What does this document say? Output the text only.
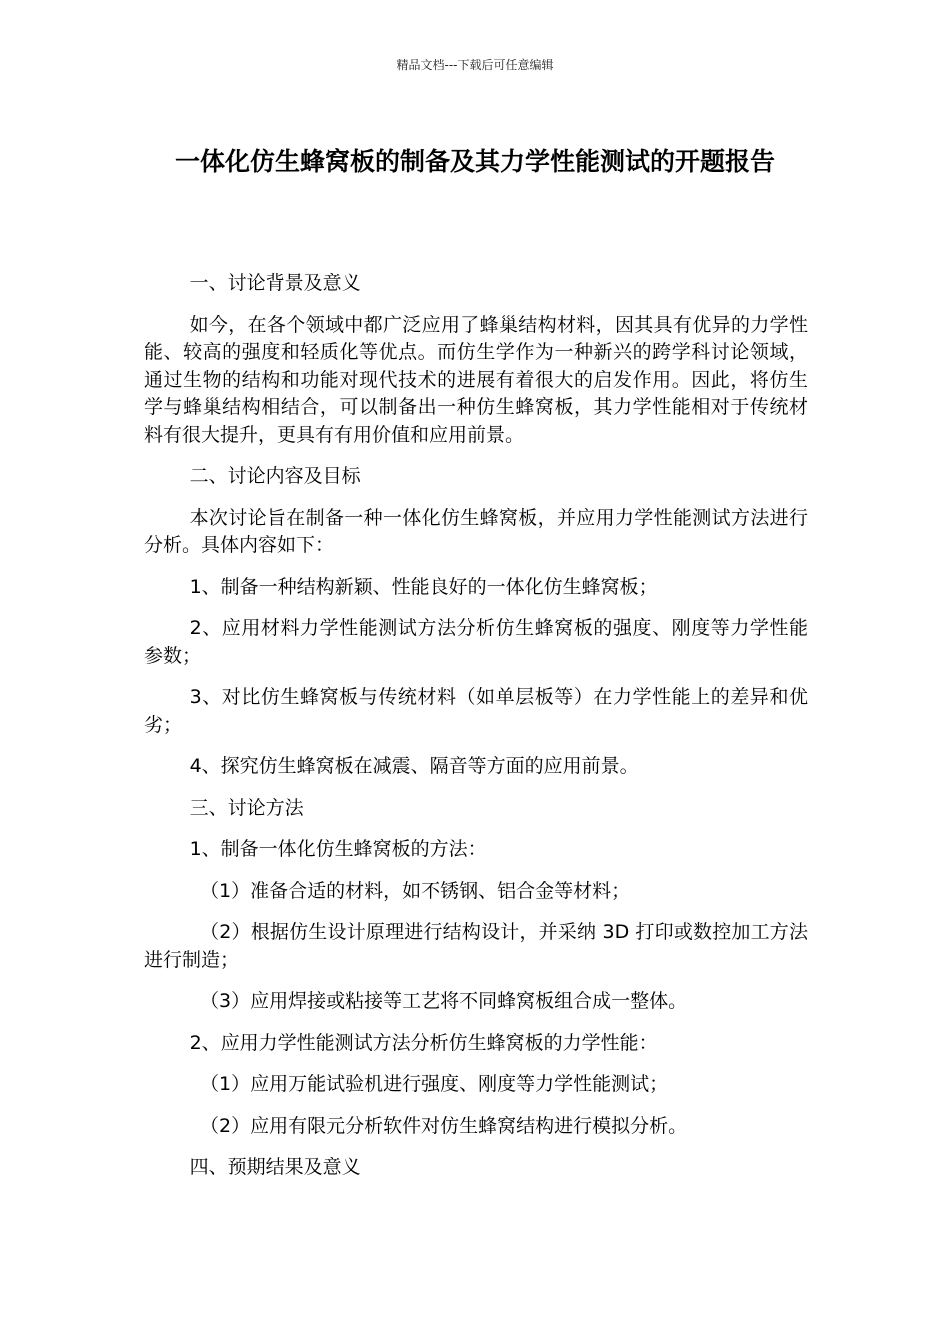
精品文档---下载后可任意编辑
一体化仿生蜂窝板的制备及其力学性能测试的开题报告

一、讨论背景及意义

如今，在各个领域中都广泛应用了蜂巢结构材料，因其具有优异的力学性能、较高的强度和轻质化等优点。而仿生学作为一种新兴的跨学科讨论领域，通过生物的结构和功能对现代技术的进展有着很大的启发作用。因此，将仿生学与蜂巢结构相结合，可以制备出一种仿生蜂窝板，其力学性能相对于传统材料有很大提升，更具有有用价值和应用前景。

二、讨论内容及目标

本次讨论旨在制备一种一体化仿生蜂窝板，并应用力学性能测试方法进行分析。具体内容如下：

1、制备一种结构新颖、性能良好的一体化仿生蜂窝板；

2、应用材料力学性能测试方法分析仿生蜂窝板的强度、刚度等力学性能参数；

3、对比仿生蜂窝板与传统材料（如单层板等）在力学性能上的差异和优劣；

4、探究仿生蜂窝板在减震、隔音等方面的应用前景。

三、讨论方法

1、制备一体化仿生蜂窝板的方法：

（1）准备合适的材料，如不锈钢、铝合金等材料；

（2）根据仿生设计原理进行结构设计，并采纳 3D 打印或数控加工方法进行制造；

（3）应用焊接或粘接等工艺将不同蜂窝板组合成一整体。

2、应用力学性能测试方法分析仿生蜂窝板的力学性能：

（1）应用万能试验机进行强度、刚度等力学性能测试；

（2）应用有限元分析软件对仿生蜂窝结构进行模拟分析。

四、预期结果及意义
